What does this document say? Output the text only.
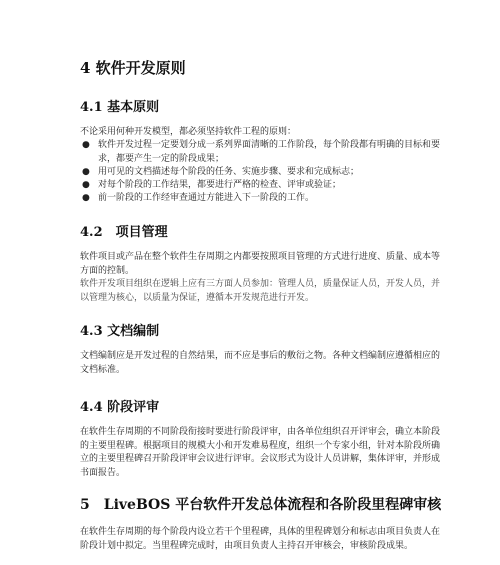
4 软件开发原则
4.1 基本原则

不论采用何种开发模型，都必须坚持软件工程的原则：

● 软件开发过程一定要划分成一系列界面清晰的工作阶段，每个阶段都有明确的目标和要求，都要产生一定的阶段成果；
● 用可见的文档描述每个阶段的任务、实施步骤、要求和完成标志；
● 对每个阶段的工作结果，都要进行严格的检查、评审或验证；
● 前一阶段的工作经审查通过方能进入下一阶段的工作。
4.2　项目管理

软件项目或产品在整个软件生存周期之内都要按照项目管理的方式进行进度、质量、成本等方面的控制。

软件开发项目组织在逻辑上应有三方面人员参加：管理人员，质量保证人员，开发人员，并以管理为核心，以质量为保证，遵循本开发规范进行开发。

4.3 文档编制

文档编制应是开发过程的自然结果，而不应是事后的敷衍之物。各种文档编制应遵循相应的文档标准。

4.4 阶段评审

在软件生存周期的不同阶段衔接时要进行阶段评审，由各单位组织召开评审会，确立本阶段的主要里程碑。根据项目的规模大小和开发难易程度，组织一个专家小组，针对本阶段所确立的主要里程碑召开阶段评审会议进行评审。会议形式为设计人员讲解，集体评审，并形成书面报告。

5　LiveBOS 平台软件开发总体流程和各阶段里程碑审核

在软件生存周期的每个阶段内设立若干个里程碑，具体的里程碑划分和标志由项目负责人在阶段计划中拟定。当里程碑完成时，由项目负责人主持召开审核会，审核阶段成果。
